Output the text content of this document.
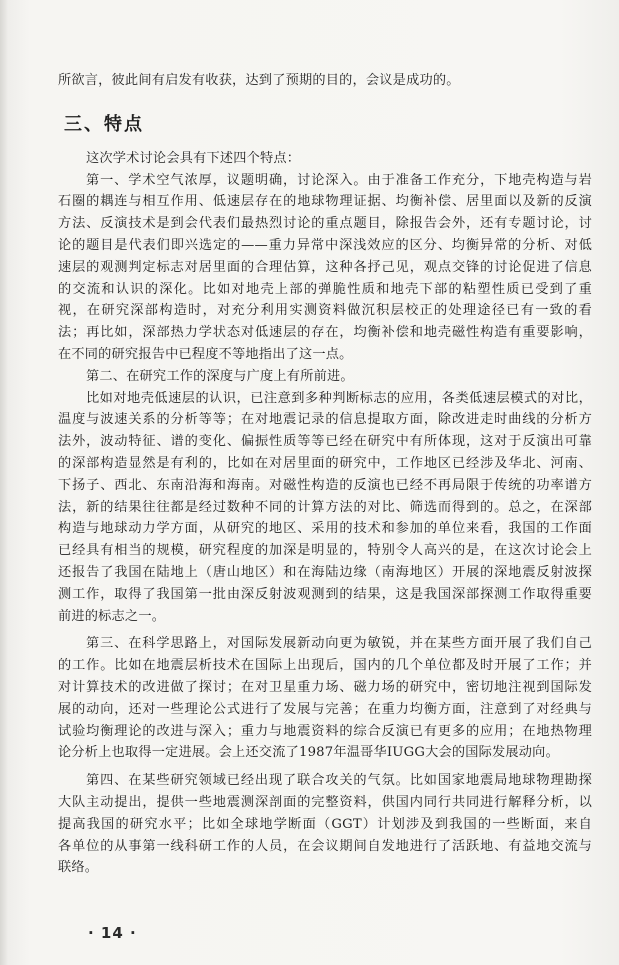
所欲言，彼此间有启发有收获，达到了预期的目的，会议是成功的。
三、特点
这次学术讨论会具有下述四个特点：
第一、学术空气浓厚，议题明确，讨论深入。由于准备工作充分，下地壳构造与岩
石圈的耦连与相互作用、低速层存在的地球物理证据、均衡补偿、居里面以及新的反演
方法、反演技术是到会代表们最热烈讨论的重点题目，除报告会外，还有专题讨论，讨
论的题目是代表们即兴选定的——重力异常中深浅效应的区分、均衡异常的分析、对低
速层的观测判定标志对居里面的合理估算，这种各抒己见，观点交锋的讨论促进了信息
的交流和认识的深化。比如对地壳上部的弹脆性质和地壳下部的粘塑性质已受到了重
视，在研究深部构造时，对充分利用实测资料做沉积层校正的处理途径已有一致的看
法；再比如，深部热力学状态对低速层的存在，均衡补偿和地壳磁性构造有重要影响，
在不同的研究报告中已程度不等地指出了这一点。
第二、在研究工作的深度与广度上有所前进。
比如对地壳低速层的认识，已注意到多种判断标志的应用，各类低速层模式的对比，
温度与波速关系的分析等等；在对地震记录的信息提取方面，除改进走时曲线的分析方
法外，波动特征、谱的变化、偏振性质等等已经在研究中有所体现，这对于反演出可靠
的深部构造显然是有利的，比如在对居里面的研究中，工作地区已经涉及华北、河南、
下扬子、西北、东南沿海和海南。对磁性构造的反演也已经不再局限于传统的功率谱方
法，新的结果往往都是经过数种不同的计算方法的对比、筛选而得到的。总之，在深部
构造与地球动力学方面，从研究的地区、采用的技术和参加的单位来看，我国的工作面
已经具有相当的规模，研究程度的加深是明显的，特别令人高兴的是，在这次讨论会上
还报告了我国在陆地上（唐山地区）和在海陆边缘（南海地区）开展的深地震反射波探
测工作，取得了我国第一批由深反射波观测到的结果，这是我国深部探测工作取得重要
前进的标志之一。
第三、在科学思路上，对国际发展新动向更为敏锐，并在某些方面开展了我们自己
的工作。比如在地震层析技术在国际上出现后，国内的几个单位都及时开展了工作；并
对计算技术的改进做了探讨；在对卫星重力场、磁力场的研究中，密切地注视到国际发
展的动向，还对一些理论公式进行了发展与完善；在重力均衡方面，注意到了对经典与
试验均衡理论的改进与深入；重力与地震资料的综合反演已有更多的应用；在地热物理
论分析上也取得一定进展。会上还交流了1987年温哥华IUGG大会的国际发展动向。
第四、在某些研究领域已经出现了联合攻关的气氛。比如国家地震局地球物理勘探
大队主动提出，提供一些地震测深剖面的完整资料，供国内同行共同进行解释分析，以
提高我国的研究水平；比如全球地学断面（GGT）计划涉及到我国的一些断面，来自
各单位的从事第一线科研工作的人员，在会议期间自发地进行了活跃地、有益地交流与
联络。
· 14 ·
